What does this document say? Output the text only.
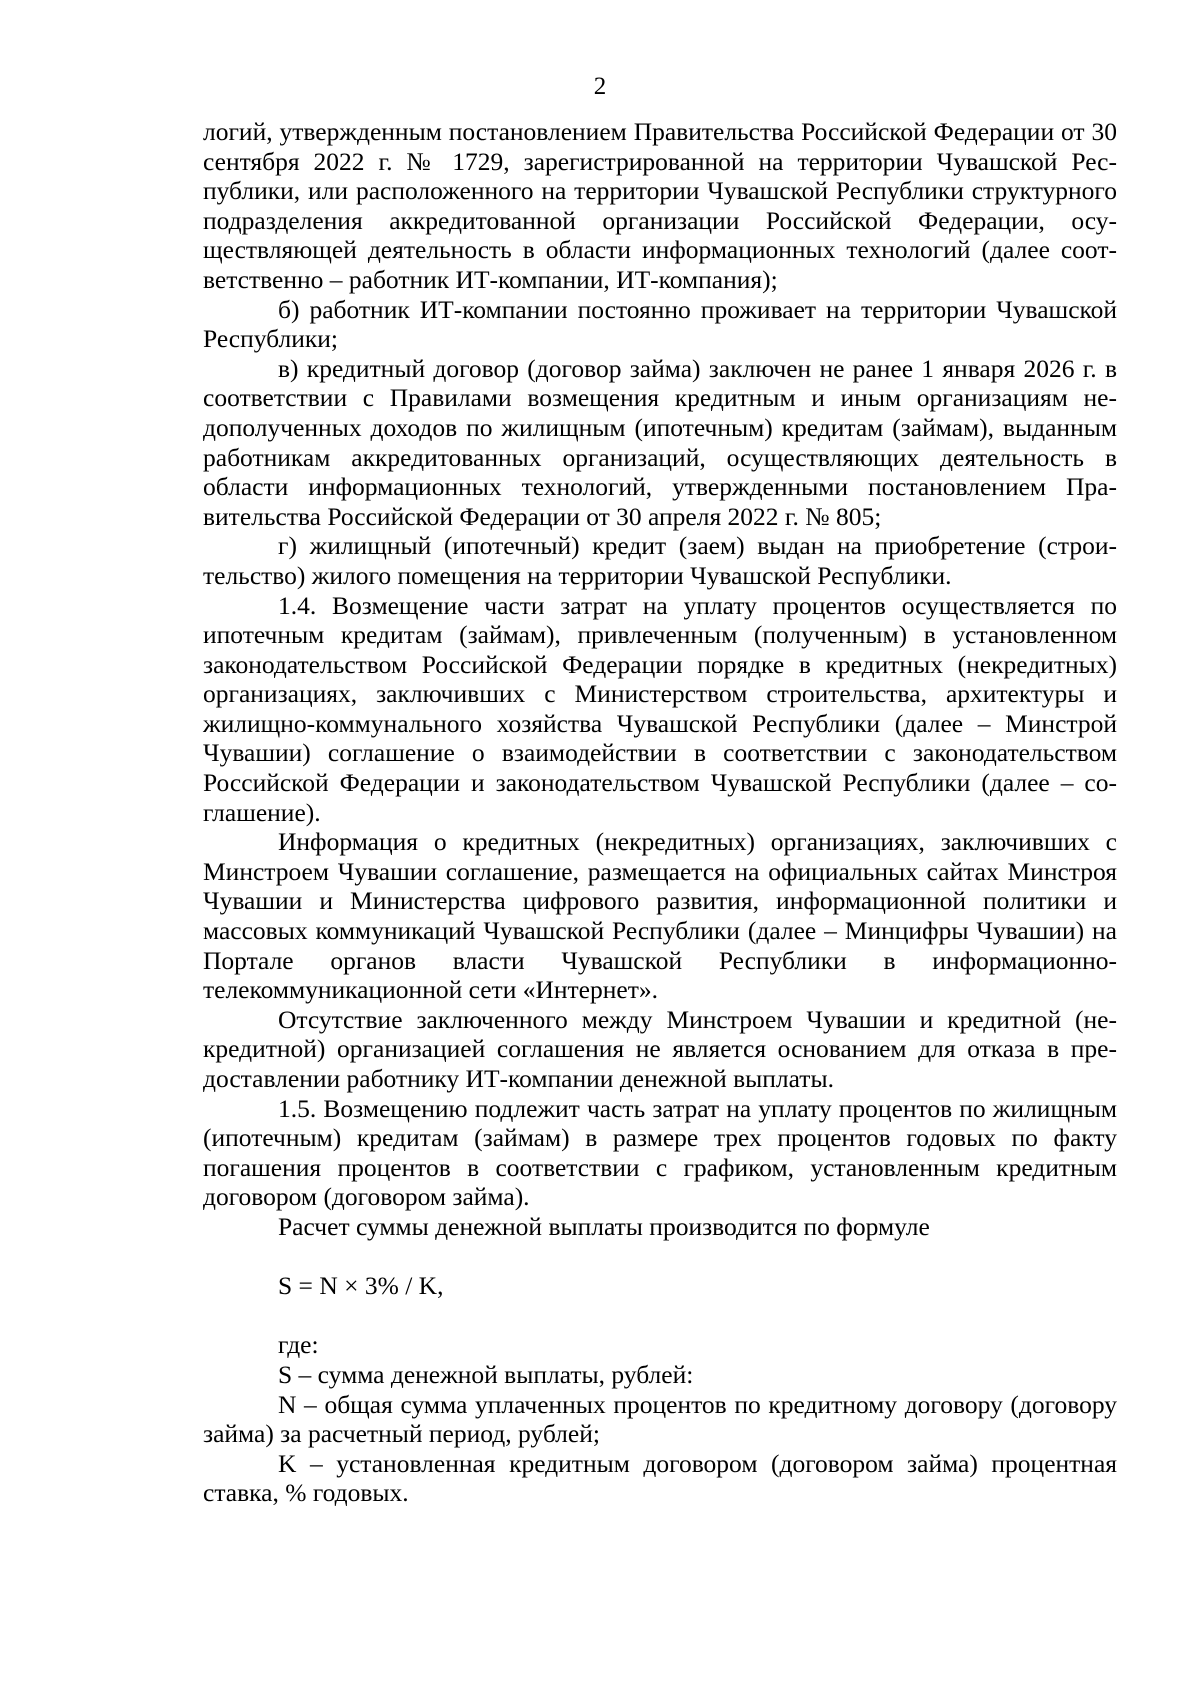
2

логий, утвержденным постановлением Правительства Российской Федерации от 30 сентября 2022 г. № 1729, зарегистрированной на территории Чувашской Республики, или расположенного на территории Чувашской Республики структурного подразделения аккредитованной организации Российской Федерации, осуществляющей деятельность в области информационных технологий (далее соответственно – работник ИТ-компании, ИТ-компания);

б) работник ИТ-компании постоянно проживает на территории Чувашской Республики;

в) кредитный договор (договор займа) заключен не ранее 1 января 2026 г. в соответствии с Правилами возмещения кредитным и иным организациям недополученных доходов по жилищным (ипотечным) кредитам (займам), выданным работникам аккредитованных организаций, осуществляющих деятельность в области информационных технологий, утвержденными постановлением Правительства Российской Федерации от 30 апреля 2022 г. № 805;

г) жилищный (ипотечный) кредит (заем) выдан на приобретение (строительство) жилого помещения на территории Чувашской Республики.

1.4. Возмещение части затрат на уплату процентов осуществляется по ипотечным кредитам (займам), привлеченным (полученным) в установленном законодательством Российской Федерации порядке в кредитных (некредитных) организациях, заключивших с Министерством строительства, архитектуры и жилищно-коммунального хозяйства Чувашской Республики (далее – Минстрой Чувашии) соглашение о взаимодействии в соответствии с законодательством Российской Федерации и законодательством Чувашской Республики (далее – соглашение).

Информация о кредитных (некредитных) организациях, заключивших с Минстроем Чувашии соглашение, размещается на официальных сайтах Минстроя Чувашии и Министерства цифрового развития, информационной политики и массовых коммуникаций Чувашской Республики (далее – Минцифры Чувашии) на Порталe органов власти Чувашской Республики в информационно-телекоммуникационной сети «Интернет».

Отсутствие заключенного между Минстроем Чувашии и кредитной (некредитной) организацией соглашения не является основанием для отказа в предоставлении работнику ИТ-компании денежной выплаты.

1.5. Возмещению подлежит часть затрат на уплату процентов по жилищным (ипотечным) кредитам (займам) в размере трех процентов годовых по факту погашения процентов в соответствии с графиком, установленным кредитным договором (договором займа).

Расчет суммы денежной выплаты производится по формуле

S = N × 3% / K,

где:

S – сумма денежной выплаты, рублей:

N – общая сумма уплаченных процентов по кредитному договору (договору займа) за расчетный период, рублей;

K – установленная кредитным договором (договором займа) процентная ставка, % годовых.
